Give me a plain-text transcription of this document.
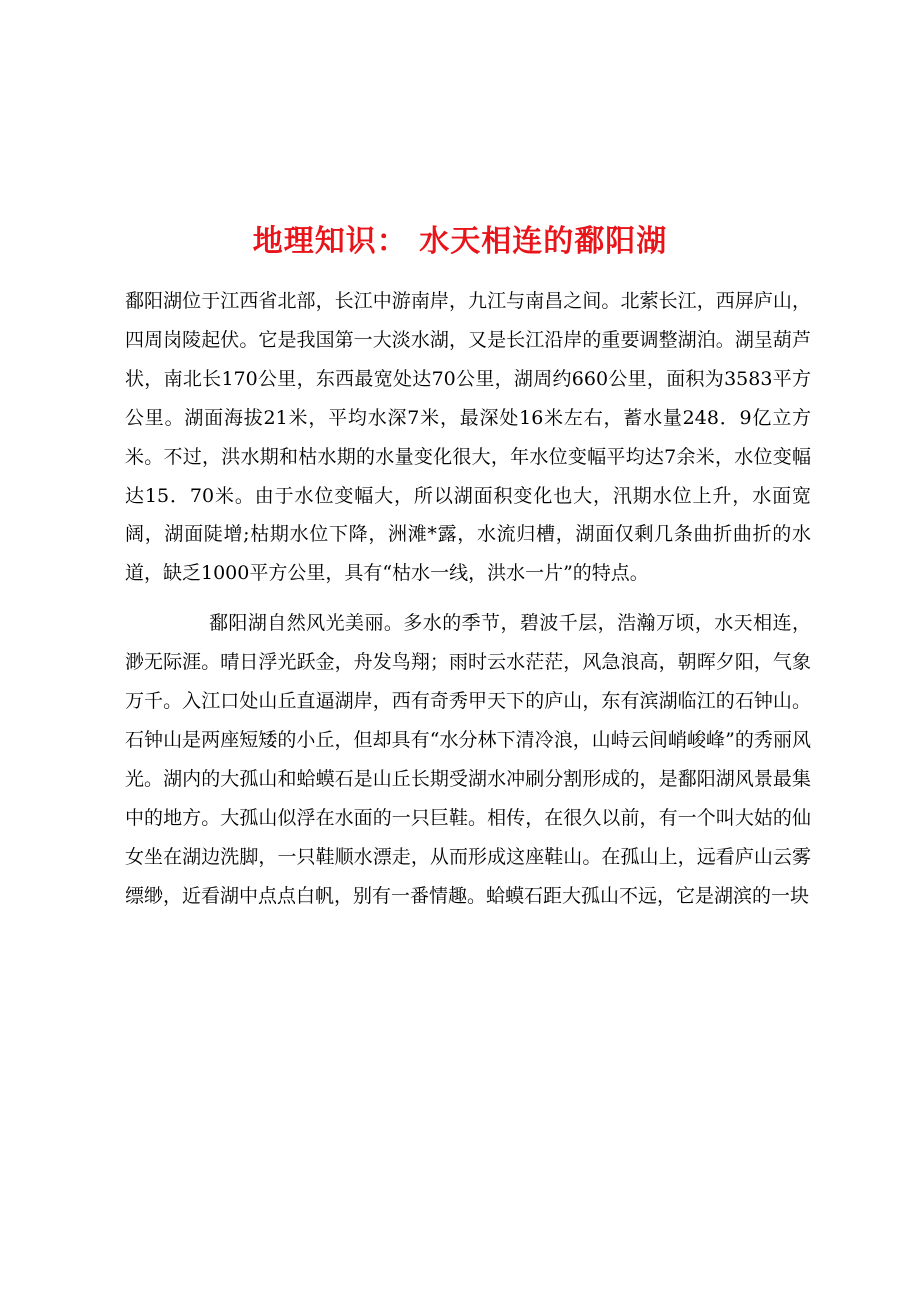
地理知识： 水天相连的鄱阳湖

鄱阳湖位于江西省北部，长江中游南岸，九江与南昌之间。北萦长江，西屏庐山，四周岗陵起伏。它是我国第一大淡水湖，又是长江沿岸的重要调整湖泊。湖呈葫芦状，南北长170公里，东西最宽处达70公里，湖周约660公里，面积为3583平方公里。湖面海拔21米，平均水深7米，最深处16米左右，蓄水量248．9亿立方米。不过，洪水期和枯水期的水量变化很大，年水位变幅平均达7余米，水位变幅达15．70米。由于水位变幅大，所以湖面积变化也大，汛期水位上升，水面宽阔，湖面陡增;枯期水位下降，洲滩*露，水流归槽，湖面仅剩几条曲折曲折的水道，缺乏1000平方公里，具有“枯水一线，洪水一片”的特点。

鄱阳湖自然风光美丽。多水的季节，碧波千层，浩瀚万顷，水天相连，渺无际涯。晴日浮光跃金，舟发鸟翔；雨时云水茫茫，风急浪高，朝晖夕阳，气象万千。入江口处山丘直逼湖岸，西有奇秀甲天下的庐山，东有滨湖临江的石钟山。石钟山是两座短矮的小丘，但却具有“水分林下清冷浪，山峙云间峭峻峰”的秀丽风光。湖内的大孤山和蛤蟆石是山丘长期受湖水冲刷分割形成的，是鄱阳湖风景最集中的地方。大孤山似浮在水面的一只巨鞋。相传，在很久以前，有一个叫大姑的仙女坐在湖边洗脚，一只鞋顺水漂走，从而形成这座鞋山。在孤山上，远看庐山云雾缥缈，近看湖中点点白帆，别有一番情趣。蛤蟆石距大孤山不远，它是湖滨的一块
